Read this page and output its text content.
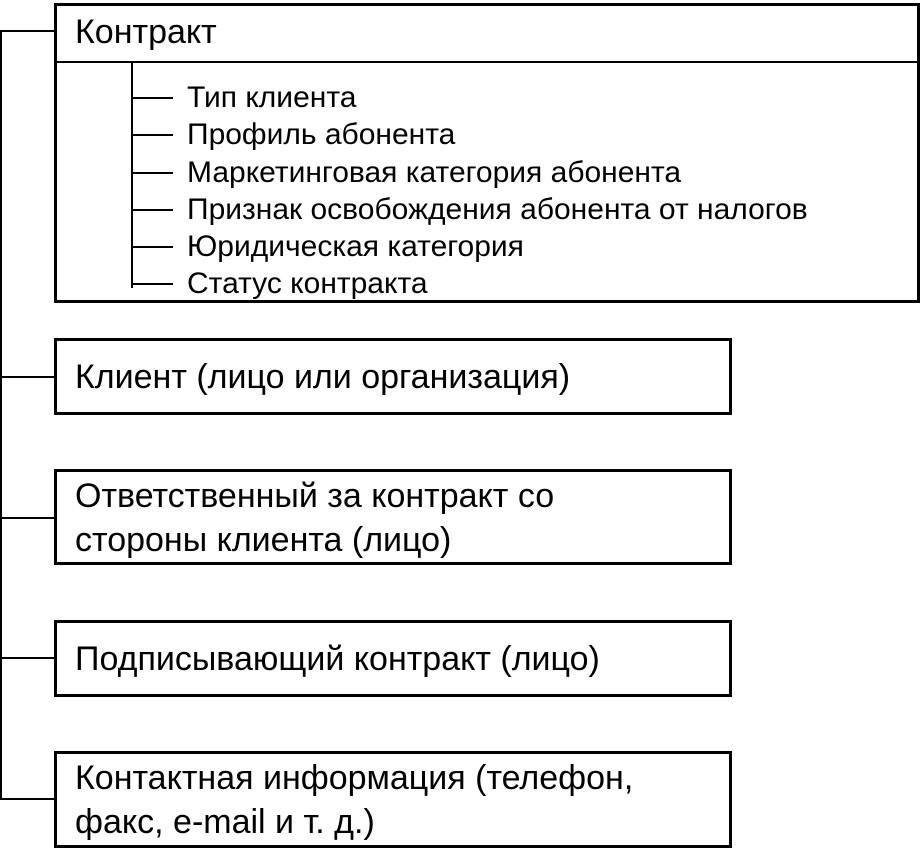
Контракт
Тип клиента
Профиль абонента
Маркетинговая категория абонента
Признак освобождения абонента от налогов
Юридическая категория
Статус контракта
Клиент (лицо или организация)
Ответственный за контракт со
стороны клиента (лицо)
Подписывающий контракт (лицо)
Контактная информация (телефон,
факс, e-mail и т. д.)
